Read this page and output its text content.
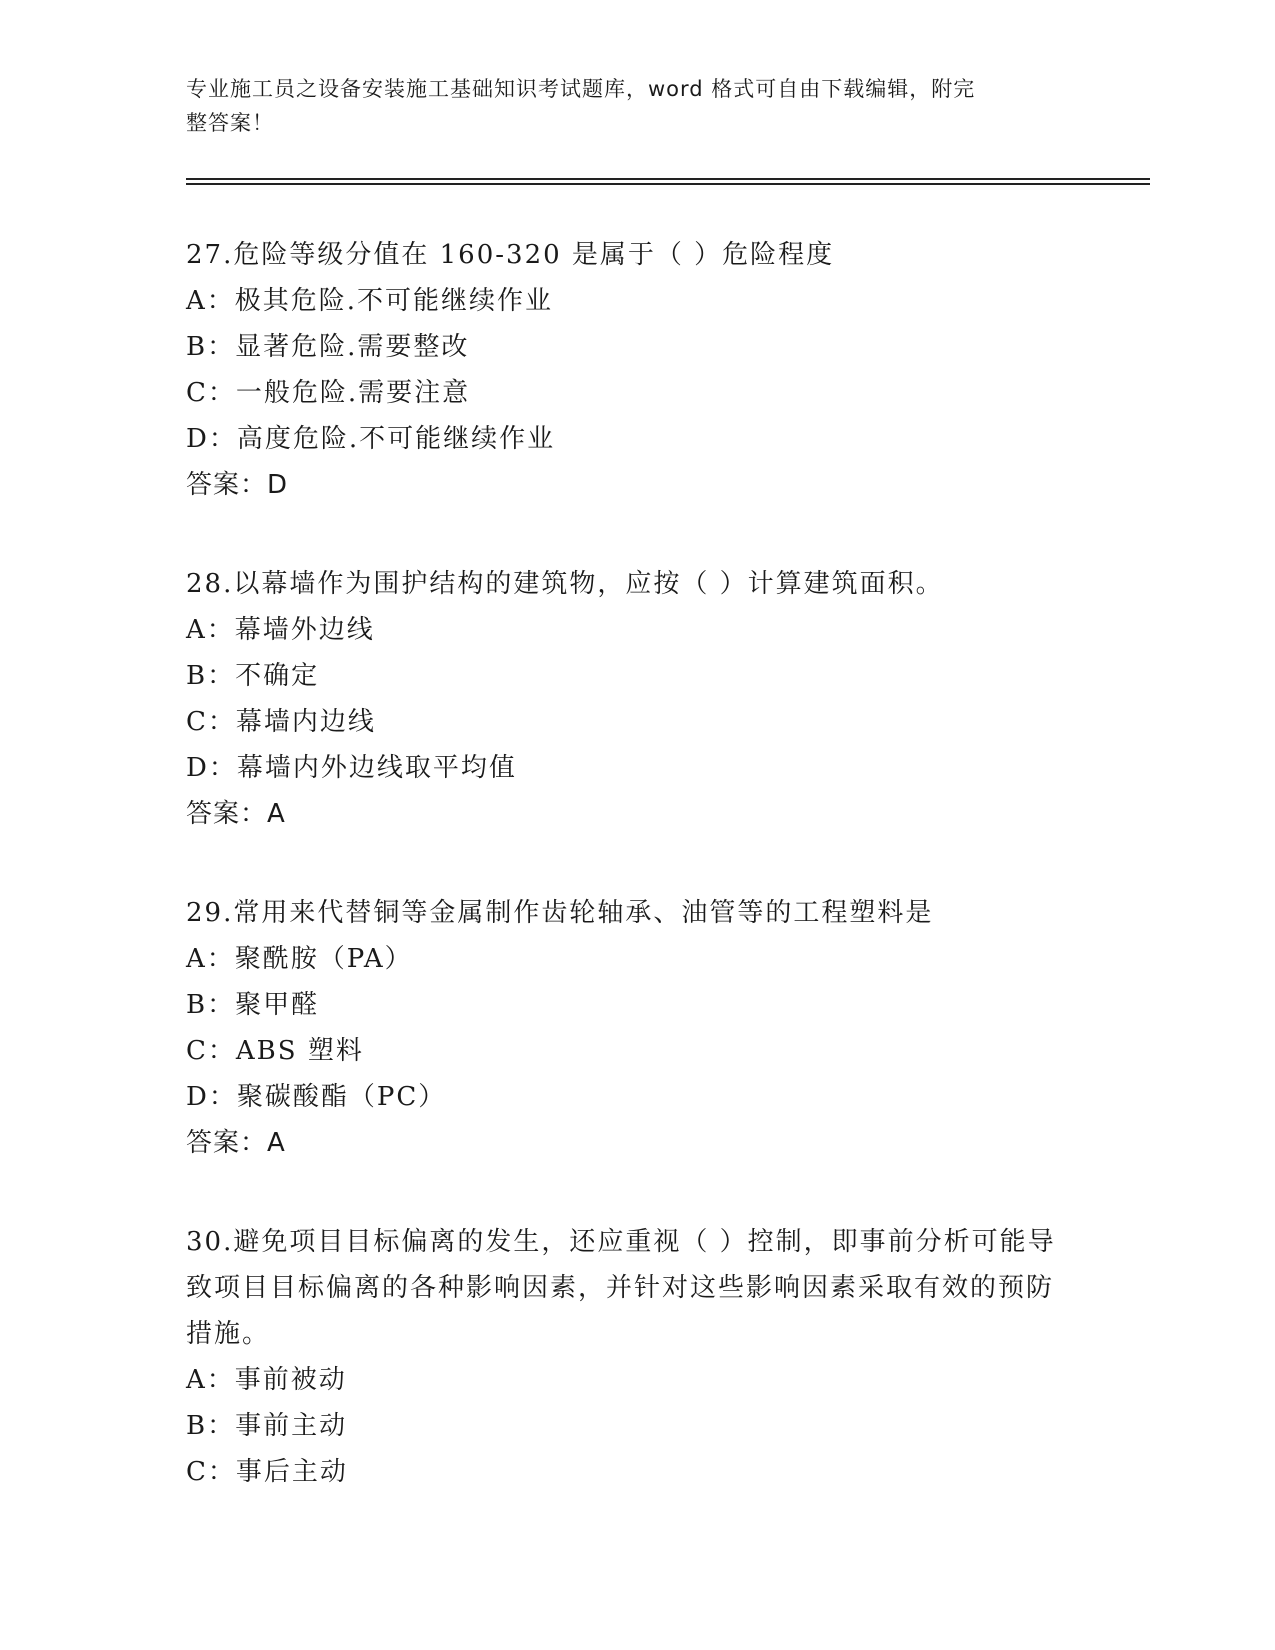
专业施工员之设备安装施工基础知识考试题库，word 格式可自由下载编辑，附完

整答案！

27.危险等级分值在 160-320 是属于（ ）危险程度

A： 极其危险.不可能继续作业
B： 显著危险.需要整改
C： 一般危险.需要注意
D： 高度危险.不可能继续作业

答案：D

28.以幕墙作为围护结构的建筑物，应按（ ）计算建筑面积。

A： 幕墙外边线
B： 不确定
C： 幕墙内边线
D： 幕墙内外边线取平均值

答案：A

29.常用来代替铜等金属制作齿轮轴承、油管等的工程塑料是

A： 聚酰胺（PA）
B： 聚甲醛
C： ABS 塑料
D： 聚碳酸酯（PC）

答案：A

30.避免项目目标偏离的发生，还应重视（ ）控制，即事前分析可能导致项目目标偏离的各种影响因素，并针对这些影响因素采取有效的预防措施。

A： 事前被动
B： 事前主动
C： 事后主动
